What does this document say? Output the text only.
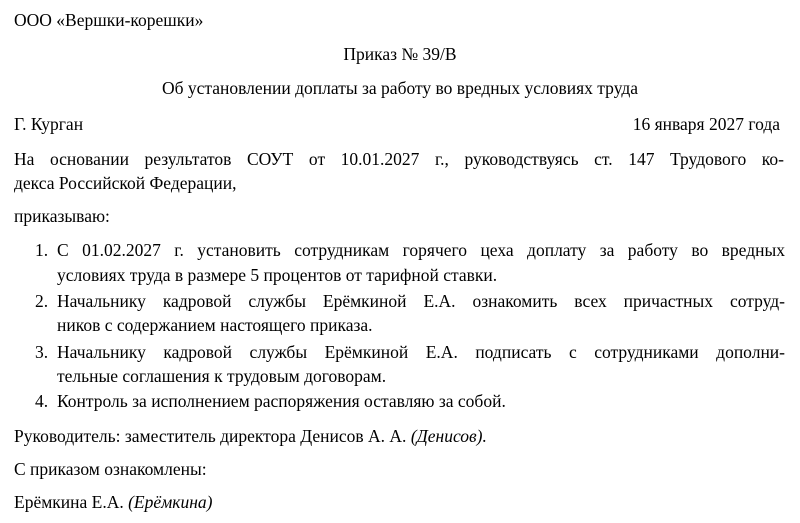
ООО «Вершки-корешки»
Приказ № 39/В
Об установлении доплаты за работу во вредных условиях труда
Г. Курган	16 января 2027 года
На основании результатов СОУТ от 10.01.2027 г., руководствуясь ст. 147 Трудового ко-
декса Российской Федерации,
приказываю:
1. С 01.02.2027 г. установить сотрудникам горячего цеха доплату за работу во вредных
условиях труда в размере 5 процентов от тарифной ставки.
2. Начальнику кадровой службы Ерёмкиной Е.А. ознакомить всех причастных сотруд-
ников с содержанием настоящего приказа.
3. Начальнику кадровой службы Ерёмкиной Е.А. подписать с сотрудниками дополни-
тельные соглашения к трудовым договорам.
4. Контроль за исполнением распоряжения оставляю за собой.
Руководитель: заместитель директора Денисов А. А. (Денисов).
С приказом ознакомлены:
Ерёмкина Е.А. (Ерёмкина)
